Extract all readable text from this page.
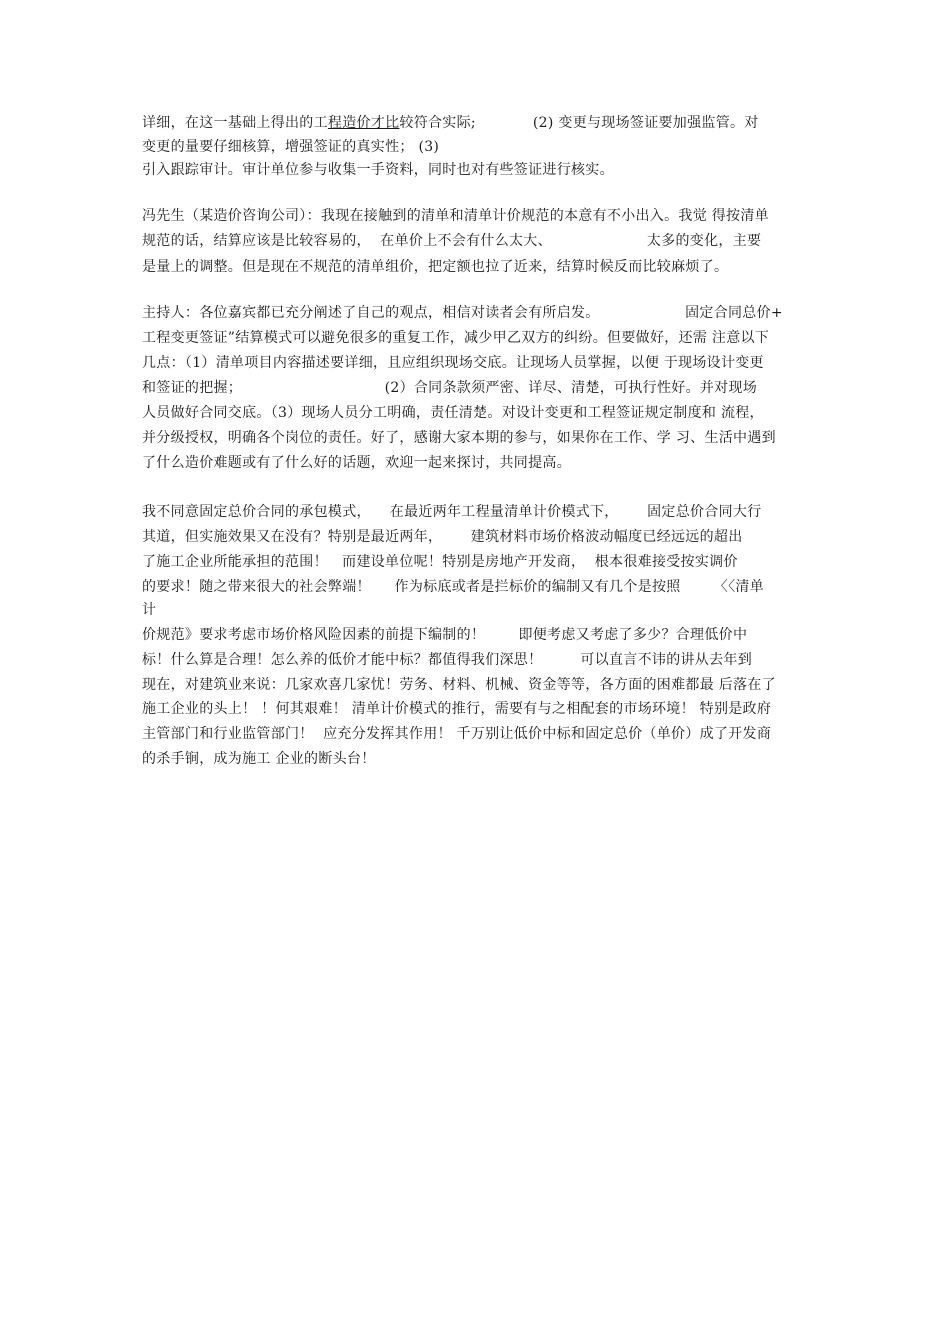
详细，在这一基础上得出的工程造价才比较符合实际;            (2) 变更与现场签证要加强监管。对
变更的量要仔细核算，增强签证的真实性； (3)
引入跟踪审计。审计单位参与收集一手资料，同时也对有些签证进行核实。
冯先生（某造价咨询公司）：我现在接触到的清单和清单计价规范的本意有不小出入。我觉 得按清单
规范的话，结算应该是比较容易的，  在单价上不会有什么太大、                    太多的变化，主要
是量上的调整。但是现在不规范的清单组价，把定额也拉了近来，结算时候反而比较麻烦了。
主持人：各位嘉宾都已充分阐述了自己的观点，相信对读者会有所启发。                  固定合同总价+
工程变更签证”结算模式可以避免很多的重复工作，减少甲乙双方的纠纷。但要做好，还需 注意以下
几点：（1）清单项目内容描述要详细，且应组织现场交底。让现场人员掌握，以便 于现场设计变更
和签证的把握；                              (2）合同条款须严密、详尽、清楚，可执行性好。并对现场
人员做好合同交底。（3）现场人员分工明确，责任清楚。对设计变更和工程签证规定制度和 流程，
并分级授权，明确各个岗位的责任。好了，感谢大家本期的参与，如果你在工作、学 习、生活中遇到
了什么造价难题或有了什么好的话题，欢迎一起来探讨，共同提高。
我不同意固定总价合同的承包模式，    在最近两年工程量清单计价模式下，      固定总价合同大行
其道，但实施效果又在没有？特别是最近两年，      建筑材料市场价格波动幅度已经远远的超出
了施工企业所能承担的范围！   而建设单位呢！特别是房地产开发商，  根本很难接受按实调价
的要求！随之带来很大的社会弊端！     作为标底或者是拦标价的编制又有几个是按照       〈〈清单
计
价规范》要求考虑市场价格风险因素的前提下编制的！       即便考虑又考虑了多少？合理低价中
标！什么算是合理！怎么养的低价才能中标？都值得我们深思！        可以直言不讳的讲从去年到
现在，对建筑业来说：几家欢喜几家忧！劳务、材料、机械、资金等等，各方面的困难都最 后落在了
施工企业的头上！ ！何其艰难！ 清单计价模式的推行，需要有与之相配套的市场环境！ 特别是政府
主管部门和行业监管部门！  应充分发挥其作用！ 千万别让低价中标和固定总价（单价）成了开发商
的杀手锏，成为施工 企业的断头台！
